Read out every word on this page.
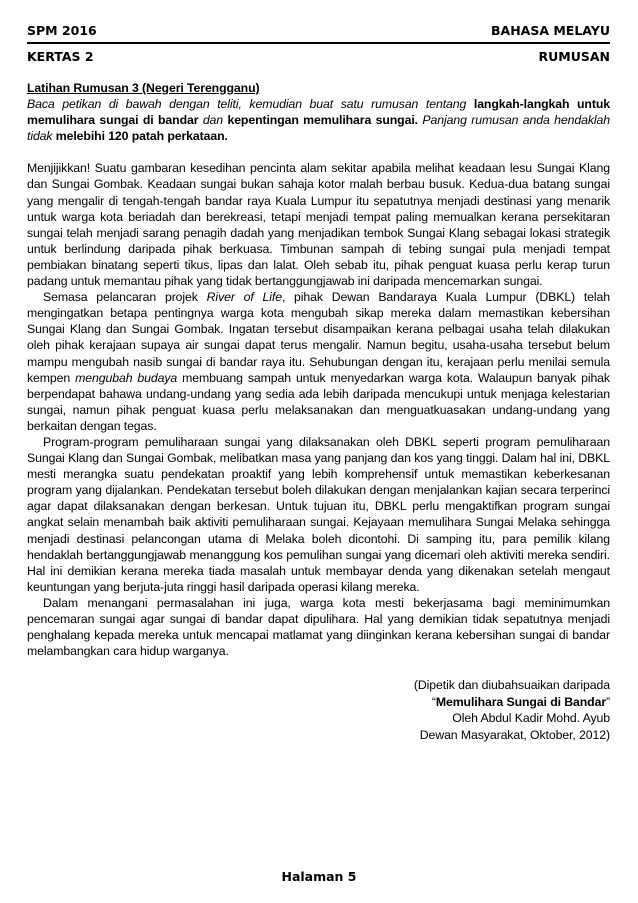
SPM 2016	BAHASA MELAYU
KERTAS 2	RUMUSAN

Latihan Rumusan 3 (Negeri Terengganu)

Baca petikan di bawah dengan teliti, kemudian buat satu rumusan tentang langkah-langkah untuk memulihara sungai di bandar dan kepentingan memulihara sungai. Panjang rumusan anda hendaklah tidak melebihi 120 patah perkataan.

Menjijikkan! Suatu gambaran kesedihan pencinta alam sekitar apabila melihat keadaan lesu Sungai Klang dan Sungai Gombak. Keadaan sungai bukan sahaja kotor malah berbau busuk. Kedua-dua batang sungai yang mengalir di tengah-tengah bandar raya Kuala Lumpur itu sepatutnya menjadi destinasi yang menarik untuk warga kota beriadah dan berekreasi, tetapi menjadi tempat paling memualkan kerana persekitaran sungai telah menjadi sarang penagih dadah yang menjadikan tembok Sungai Klang sebagai lokasi strategik untuk berlindung daripada pihak berkuasa. Timbunan sampah di tebing sungai pula menjadi tempat pembiakan binatang seperti tikus, lipas dan lalat. Oleh sebab itu, pihak penguat kuasa perlu kerap turun padang untuk memantau pihak yang tidak bertanggungjawab ini daripada mencemarkan sungai.

Semasa pelancaran projek River of Life, pihak Dewan Bandaraya Kuala Lumpur (DBKL) telah mengingatkan betapa pentingnya warga kota mengubah sikap mereka dalam memastikan kebersihan Sungai Klang dan Sungai Gombak. Ingatan tersebut disampaikan kerana pelbagai usaha telah dilakukan oleh pihak kerajaan supaya air sungai dapat terus mengalir. Namun begitu, usaha-usaha tersebut belum mampu mengubah nasib sungai di bandar raya itu. Sehubungan dengan itu, kerajaan perlu menilai semula kempen mengubah budaya membuang sampah untuk menyedarkan warga kota. Walaupun banyak pihak berpendapat bahawa undang-undang yang sedia ada lebih daripada mencukupi untuk menjaga kelestarian sungai, namun pihak penguat kuasa perlu melaksanakan dan menguatkuasakan undang-undang yang berkaitan dengan tegas.

Program-program pemuliharaan sungai yang dilaksanakan oleh DBKL seperti program pemuliharaan Sungai Klang dan Sungai Gombak, melibatkan masa yang panjang dan kos yang tinggi. Dalam hal ini, DBKL mesti merangka suatu pendekatan proaktif yang lebih komprehensif untuk memastikan keberkesanan program yang dijalankan. Pendekatan tersebut boleh dilakukan dengan menjalankan kajian secara terperinci agar dapat dilaksanakan dengan berkesan. Untuk tujuan itu, DBKL perlu mengaktifkan program sungai angkat selain menambah baik aktiviti pemuliharaan sungai. Kejayaan memulihara Sungai Melaka sehingga menjadi destinasi pelancongan utama di Melaka boleh dicontohi. Di samping itu, para pemilik kilang hendaklah bertanggungjawab menanggung kos pemulihan sungai yang dicemari oleh aktiviti mereka sendiri. Hal ini demikian kerana mereka tiada masalah untuk membayar denda yang dikenakan setelah mengaut keuntungan yang berjuta-juta ringgi hasil daripada operasi kilang mereka.

Dalam menangani permasalahan ini juga, warga kota mesti bekerjasama bagi meminimumkan pencemaran sungai agar sungai di bandar dapat dipulihara. Hal yang demikian tidak sepatutnya menjadi penghalang kepada mereka untuk mencapai matlamat yang diinginkan kerana kebersihan sungai di bandar melambangkan cara hidup warganya.

(Dipetik dan diubahsuaikan daripada
“Memulihara Sungai di Bandar”
Oleh Abdul Kadir Mohd. Ayub
Dewan Masyarakat, Oktober, 2012)
Halaman 5
